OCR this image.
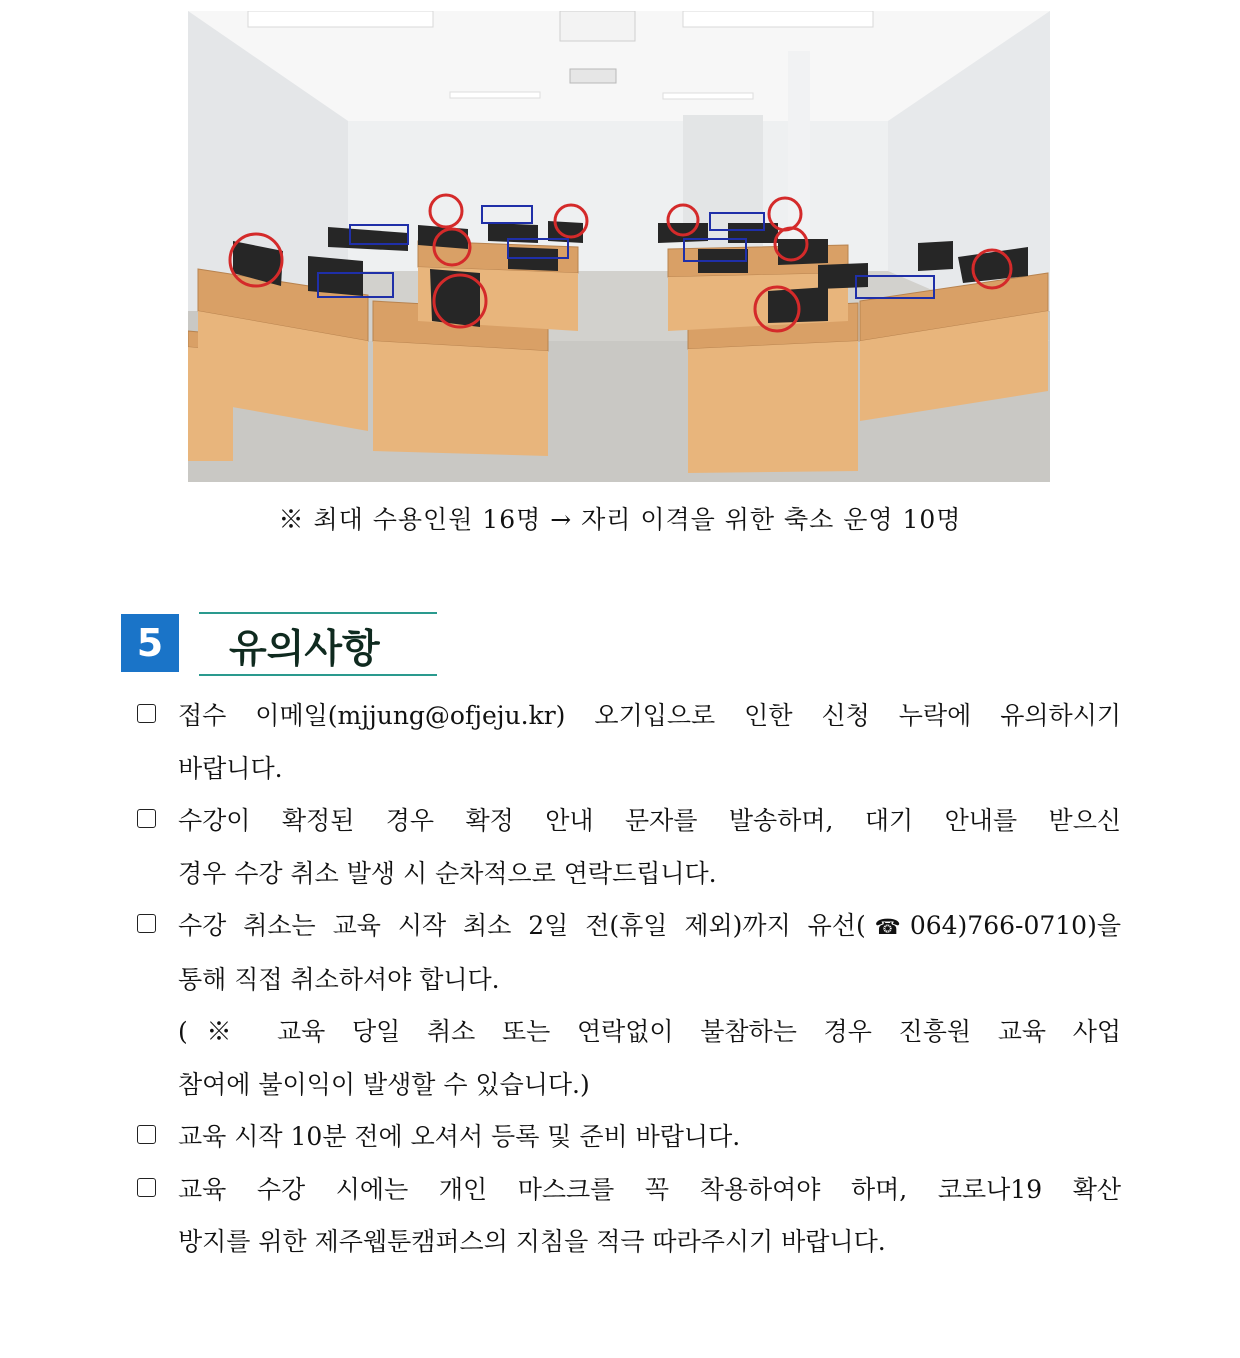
※ 최대 수용인원 16명 → 자리 이격을 위한 축소 운영 10명
5	유의사항
접수 이메일(mjjung@ofjeju.kr) 오기입으로 인한 신청 누락에 유의하시기
바랍니다.
수강이 확정된 경우 확정 안내 문자를 발송하며, 대기 안내를 받으신
경우 수강 취소 발생 시 순차적으로 연락드립니다.
수강 취소는 교육 시작 최소 2일 전(휴일 제외)까지 유선(☎064)766-0710)을
통해 직접 취소하셔야 합니다.
(※ 교육 당일 취소 또는 연락없이 불참하는 경우 진흥원 교육 사업
참여에 불이익이 발생할 수 있습니다.)
교육 시작 10분 전에 오셔서 등록 및 준비 바랍니다.
교육 수강 시에는 개인 마스크를 꼭 착용하여야 하며, 코로나19 확산
방지를 위한 제주웹툰캠퍼스의 지침을 적극 따라주시기 바랍니다.
